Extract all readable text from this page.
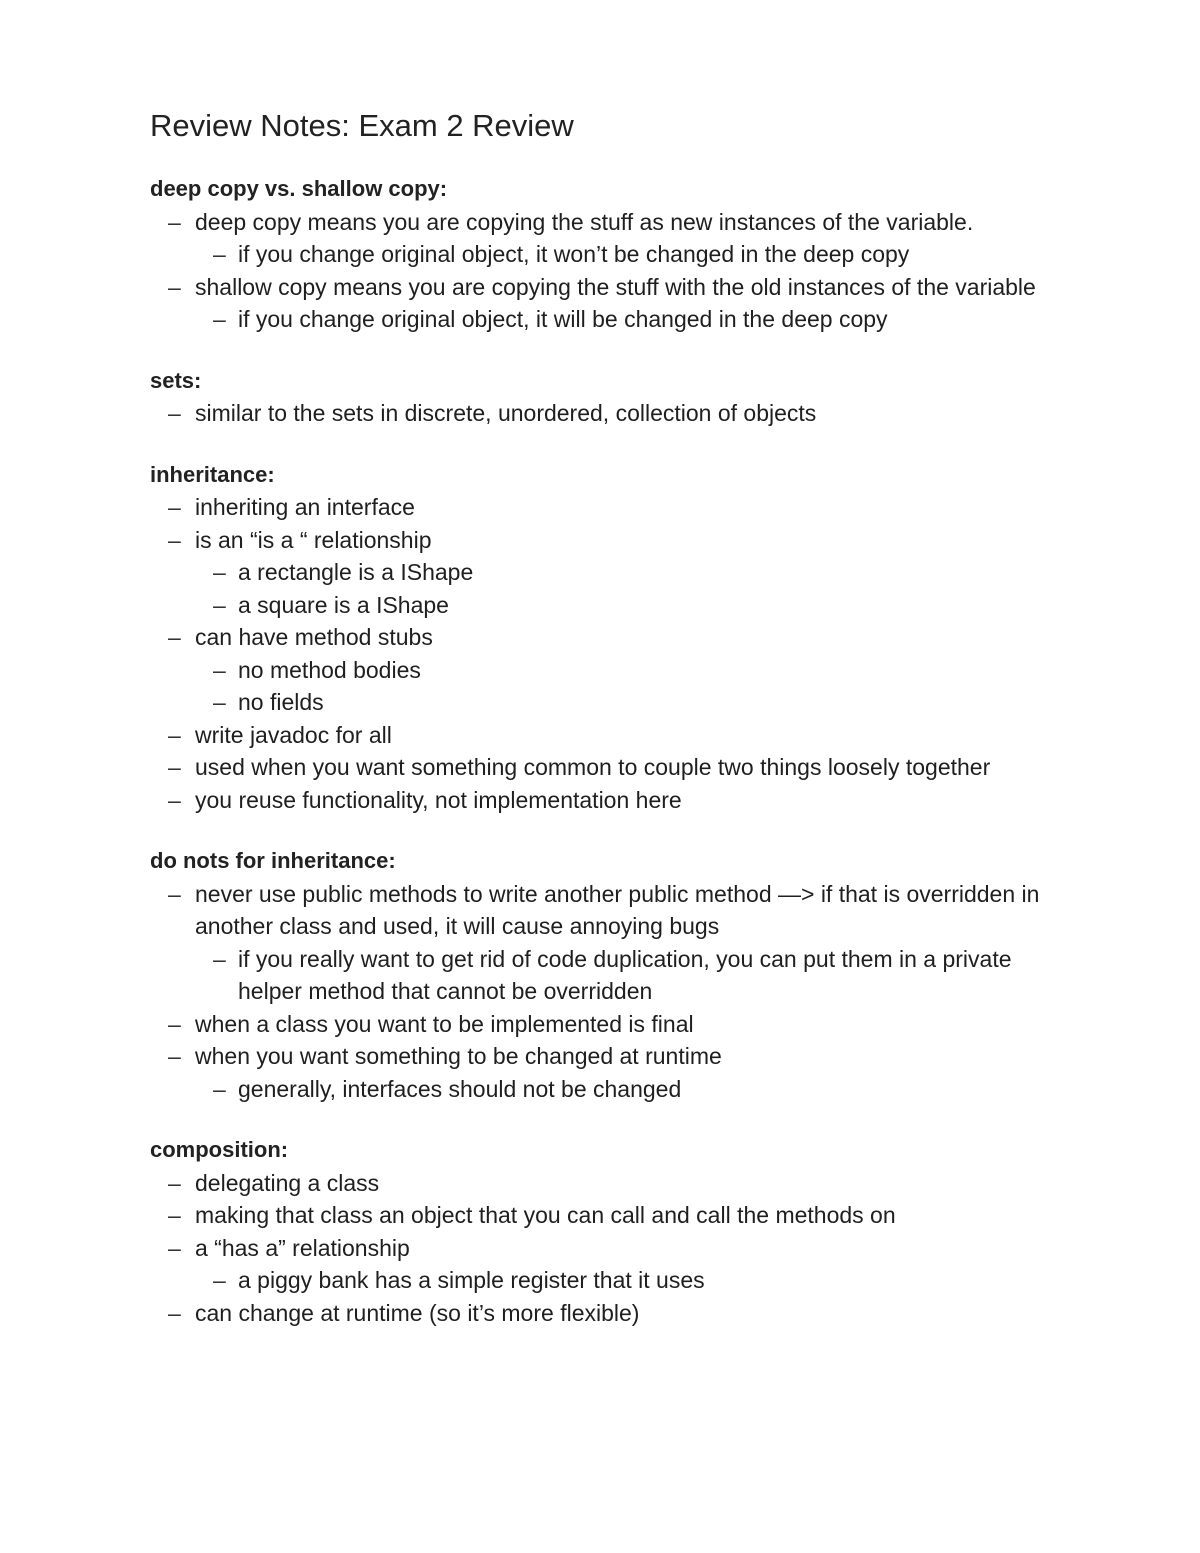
Review Notes: Exam 2 Review
deep copy vs. shallow copy:
– deep copy means you are copying the stuff as new instances of the variable.
– if you change original object, it won’t be changed in the deep copy
– shallow copy means you are copying the stuff with the old instances of the variable
– if you change original object, it will be changed in the deep copy
sets:
– similar to the sets in discrete, unordered, collection of objects
inheritance:
– inheriting an interface
– is an “is a “ relationship
– a rectangle is a IShape
– a square is a IShape
– can have method stubs
– no method bodies
– no fields
– write javadoc for all
– used when you want something common to couple two things loosely together
– you reuse functionality, not implementation here
do nots for inheritance:
– never use public methods to write another public method —> if that is overridden in another class and used, it will cause annoying bugs
– if you really want to get rid of code duplication, you can put them in a private helper method that cannot be overridden
– when a class you want to be implemented is final
– when you want something to be changed at runtime
– generally, interfaces should not be changed
composition:
– delegating a class
– making that class an object that you can call and call the methods on
– a “has a” relationship
– a piggy bank has a simple register that it uses
– can change at runtime (so it’s more flexible)
